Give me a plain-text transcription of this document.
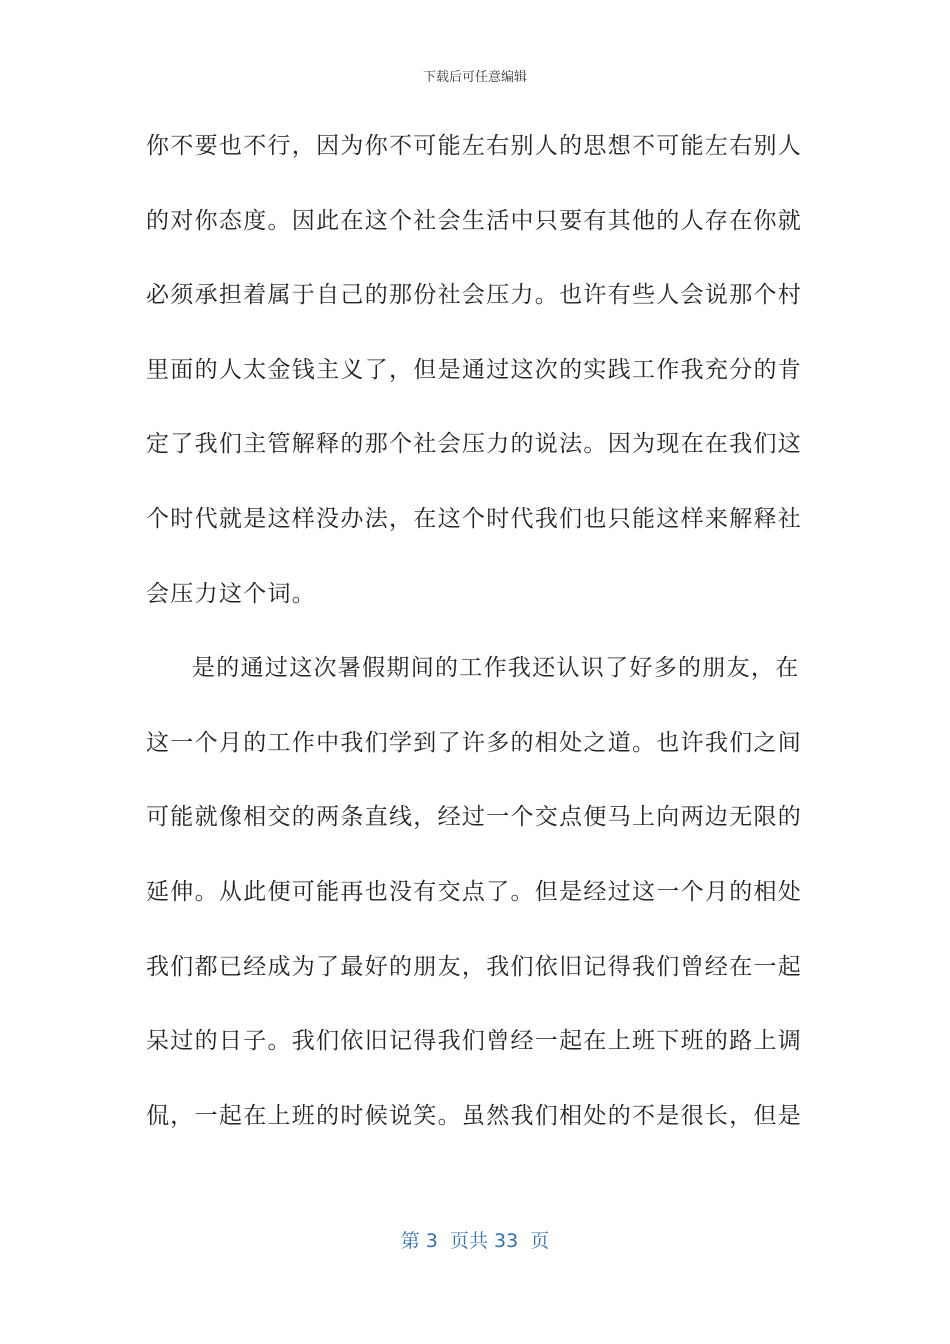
下载后可任意编辑
你不要也不行，因为你不可能左右别人的思想不可能左右别人
的对你态度。因此在这个社会生活中只要有其他的人存在你就
必须承担着属于自己的那份社会压力。也许有些人会说那个村
里面的人太金钱主义了，但是通过这次的实践工作我充分的肯
定了我们主管解释的那个社会压力的说法。因为现在在我们这
个时代就是这样没办法，在这个时代我们也只能这样来解释社
会压力这个词。
是的通过这次暑假期间的工作我还认识了好多的朋友，在
这一个月的工作中我们学到了许多的相处之道。也许我们之间
可能就像相交的两条直线，经过一个交点便马上向两边无限的
延伸。从此便可能再也没有交点了。但是经过这一个月的相处
我们都已经成为了最好的朋友，我们依旧记得我们曾经在一起
呆过的日子。我们依旧记得我们曾经一起在上班下班的路上调
侃，一起在上班的时候说笑。虽然我们相处的不是很长，但是
第 3  页共 33  页
